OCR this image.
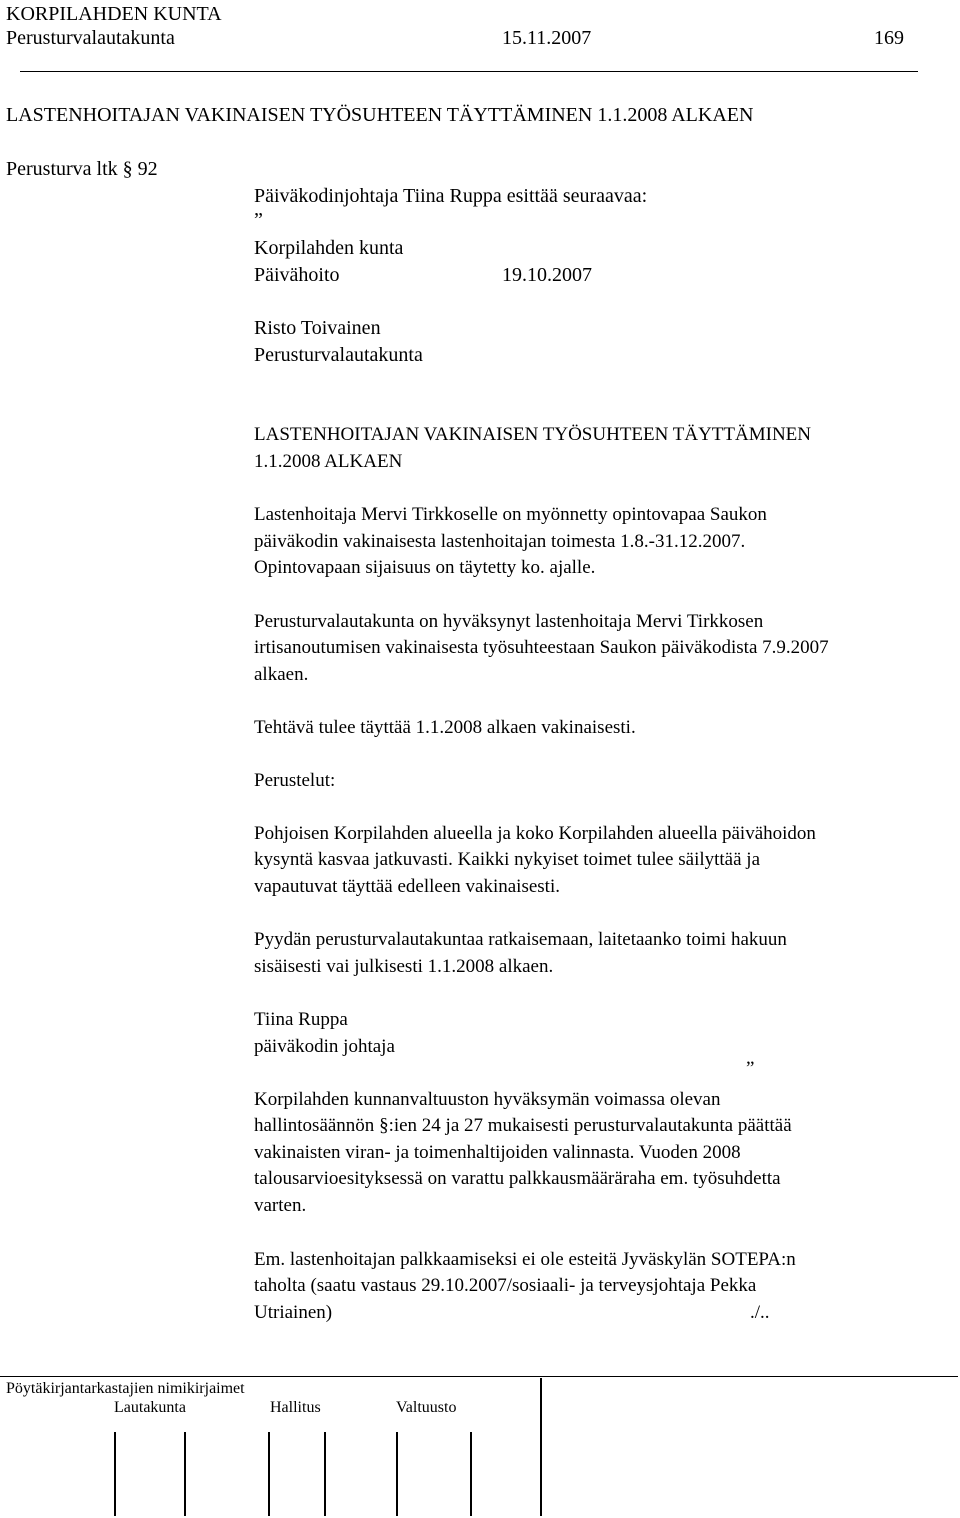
KORPILAHDEN KUNTA
Perusturvalautakunta	15.11.2007	169
LASTENHOITAJAN VAKINAISEN TYÖSUHTEEN TÄYTTÄMINEN 1.1.2008 ALKAEN
Perusturva ltk § 92
Päiväkodinjohtaja Tiina Ruppa esittää seuraavaa:
”
Korpilahden kunta
Päivähoito	19.10.2007
Risto Toivainen
Perusturvalautakunta
LASTENHOITAJAN VAKINAISEN TYÖSUHTEEN TÄYTTÄMINEN
1.1.2008 ALKAEN
Lastenhoitaja Mervi Tirkkoselle on myönnetty opintovapaa Saukon
päiväkodin vakinaisesta lastenhoitajan toimesta 1.8.-31.12.2007.
Opintovapaan sijaisuus on täytetty ko. ajalle.
Perusturvalautakunta on hyväksynyt lastenhoitaja Mervi Tirkkosen
irtisanoutumisen vakinaisesta työsuhteestaan Saukon päiväkodista 7.9.2007
alkaen.
Tehtävä tulee täyttää 1.1.2008 alkaen vakinaisesti.
Perustelut:
Pohjoisen Korpilahden alueella ja koko Korpilahden alueella päivähoidon
kysyntä kasvaa jatkuvasti. Kaikki nykyiset toimet tulee säilyttää ja
vapautuvat täyttää edelleen vakinaisesti.
Pyydän perusturvalautakuntaa ratkaisemaan, laitetaanko toimi hakuun
sisäisesti vai julkisesti 1.1.2008 alkaen.
Tiina Ruppa
päiväkodin johtaja
”
Korpilahden kunnanvaltuuston hyväksymän voimassa olevan
hallintosäännön §:ien 24 ja 27 mukaisesti perusturvalautakunta päättää
vakinaisten viran- ja toimenhaltijoiden valinnasta. Vuoden 2008
talousarvioesityksessä on varattu palkkausmääräraha em. työsuhdetta
varten.
Em. lastenhoitajan palkkaamiseksi ei ole esteitä Jyväskylän SOTEPA:n
taholta (saatu vastaus 29.10.2007/sosiaali- ja terveysjohtaja Pekka
Utriainen)	./..
Pöytäkirjantarkastajien nimikirjaimet
Lautakunta	Hallitus	Valtuusto
